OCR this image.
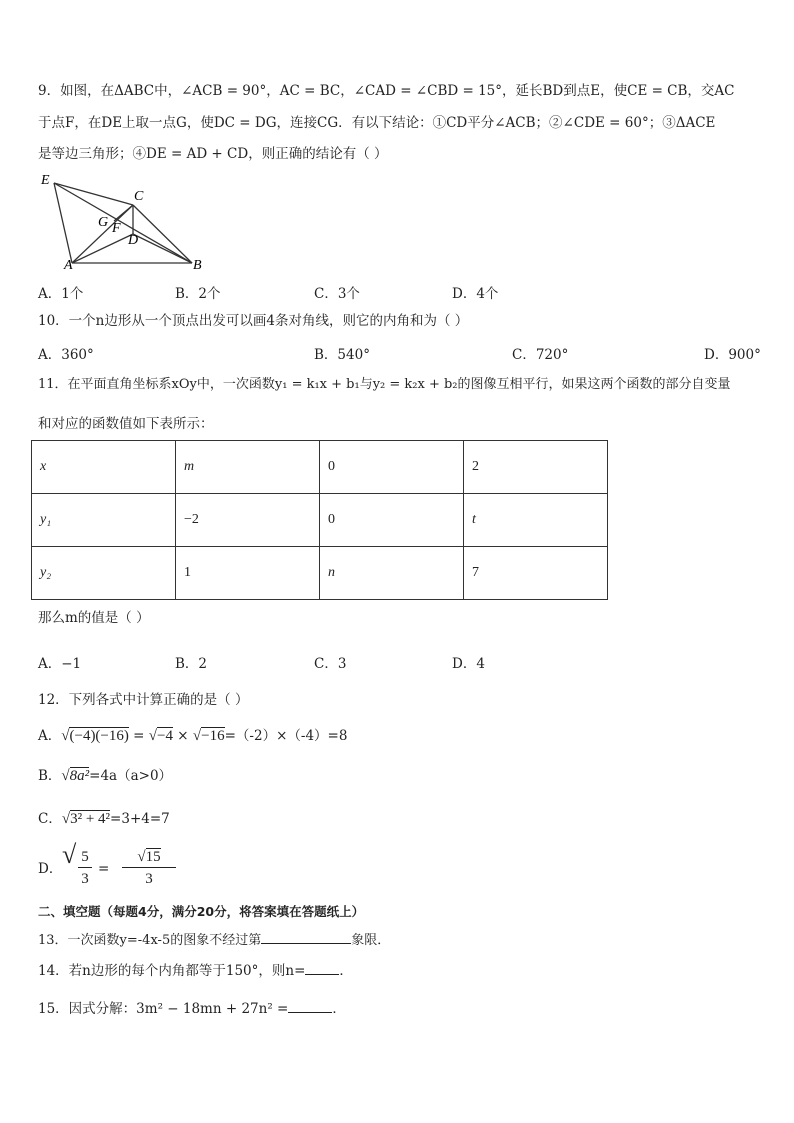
9．如图，在ΔABC中，∠ACB = 90°，AC = BC，∠CAD = ∠CBD = 15°，延长BD到点E，使CE = CB，交AC
于点F，在DE上取一点G，使DC = DG，连接CG．有以下结论：①CD平分∠ACB；②∠CDE = 60°；③ΔACE
是等边三角形；④DE = AD + CD，则正确的结论有（ ）
E
C
G F
D
A	B
A．1个	B．2个	C．3个	D．4个
10．一个n边形从一个顶点出发可以画4条对角线，则它的内角和为（ ）
A．360°	B．540°	C．720°	D．900°
11．在平面直角坐标系xOy中，一次函数y₁ = k₁x + b₁与y₂ = k₂x + b₂的图像互相平行，如果这两个函数的部分自变量
和对应的函数值如下表所示：
x	m	0	2
y₁	−2	0	t
y₂	1	n	7
那么m的值是（ ）
A．−1	B．2	C．3	D．4
12．下列各式中计算正确的是（ ）
A．√(−4)(−16) = √−4 × √−16=（-2）×（-4）=8
B．√8a²=4a（a>0）
C．√3² + 4²=3+4=7
D． √ 5
3
=
√15
3
二、填空题（每题4分，满分20分，将答案填在答题纸上）
13．一次函数y=-4x-5的图象不经过第	象限．
14．若n边形的每个内角都等于150°，则n=	．
15．因式分解：3m² − 18mn + 27n² =	．
